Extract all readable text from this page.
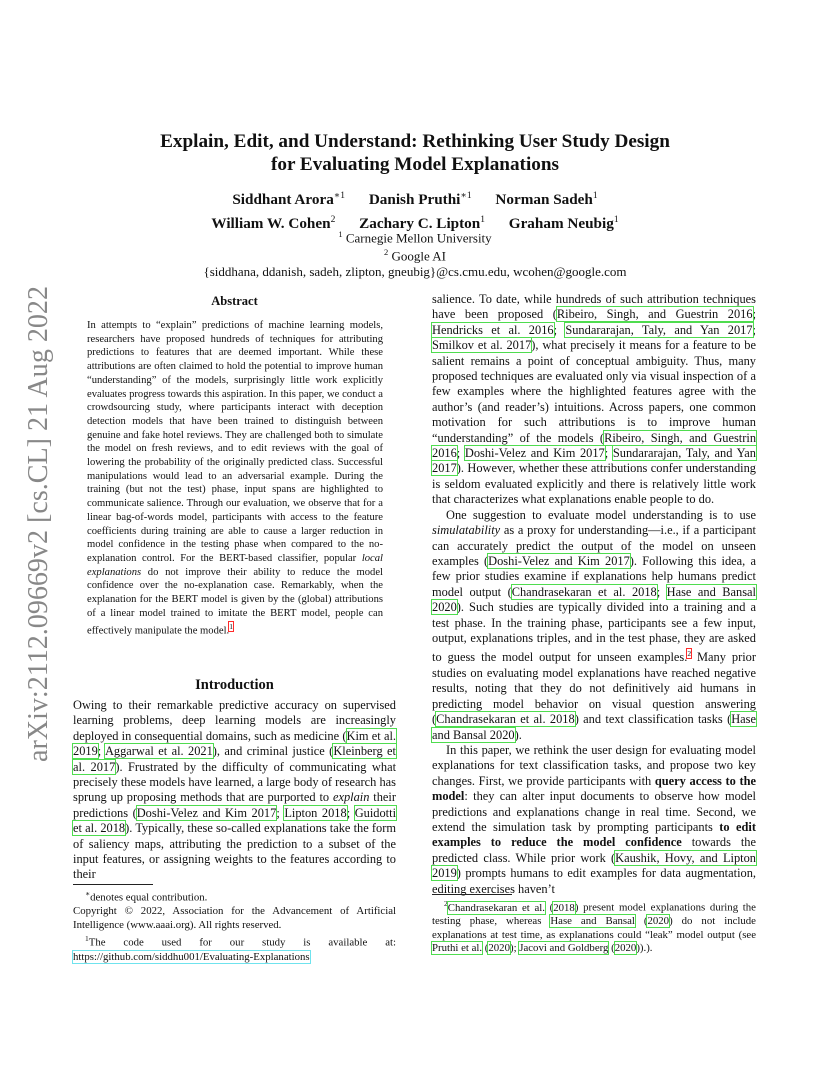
arXiv:2112.09669v2 [cs.CL] 21 Aug 2022
Explain, Edit, and Understand: Rethinking User Study Design
for Evaluating Model Explanations
Siddhant Arora$^{∗1}$ Danish Pruthi$^{∗1}$ Norman Sadeh$^1$
William W. Cohen$^2$ Zachary C. Lipton$^1$ Graham Neubig$^1$
$^1$ Carnegie Mellon University
$^2$ Google AI
{siddhana, ddanish, sadeh, zlipton, gneubig}@cs.cmu.edu, wcohen@google.com
Abstract
In attempts to “explain” predictions of machine learning models, researchers have proposed hundreds of techniques for attributing predictions to features that are deemed important. While these attributions are often claimed to hold the potential to improve human “understanding” of the models, surprisingly little work explicitly evaluates progress towards this aspiration. In this paper, we conduct a crowdsourcing study, where participants interact with deception detection models that have been trained to distinguish between genuine and fake hotel reviews. They are challenged both to simulate the model on fresh reviews, and to edit reviews with the goal of lowering the probability of the originally predicted class. Successful manipulations would lead to an adversarial example. During the training (but not the test) phase, input spans are highlighted to communicate salience. Through our evaluation, we observe that for a linear bag-of-words model, participants with access to the feature coefficients during training are able to cause a larger reduction in model confidence in the testing phase when compared to the no-explanation control. For the BERT-based classifier, popular local explanations do not improve their ability to reduce the model confidence over the no-explanation case. Remarkably, when the explanation for the BERT model is given by the (global) attributions of a linear model trained to imitate the BERT model, people can effectively manipulate the model.$^1$
Introduction

Owing to their remarkable predictive accuracy on supervised learning problems, deep learning models are increasingly deployed in consequential domains, such as medicine (Kim et al. 2019; Aggarwal et al. 2021), and criminal justice (Kleinberg et al. 2017). Frustrated by the difficulty of communicating what precisely these models have learned, a large body of research has sprung up proposing methods that are purported to explain their predictions (Doshi-Velez and Kim 2017; Lipton 2018; Guidotti et al. 2018). Typically, these so-called explanations take the form of saliency maps, attributing the prediction to a subset of the input features, or assigning weights to the features according to their

salience. To date, while hundreds of such attribution techniques have been proposed (Ribeiro, Singh, and Guestrin 2016; Hendricks et al. 2016; Sundararajan, Taly, and Yan 2017; Smilkov et al. 2017), what precisely it means for a feature to be salient remains a point of conceptual ambiguity. Thus, many proposed techniques are evaluated only via visual inspection of a few examples where the highlighted features agree with the author’s (and reader’s) intuitions. Across papers, one common motivation for such attributions is to improve human “understanding” of the models (Ribeiro, Singh, and Guestrin 2016; Doshi-Velez and Kim 2017; Sundararajan, Taly, and Yan 2017). However, whether these attributions confer understanding is seldom evaluated explicitly and there is relatively little work that characterizes what explanations enable people to do.

One suggestion to evaluate model understanding is to use simulatability as a proxy for understanding—i.e., if a participant can accurately predict the output of the model on unseen examples (Doshi-Velez and Kim 2017). Following this idea, a few prior studies examine if explanations help humans predict model output (Chandrasekaran et al. 2018; Hase and Bansal 2020). Such studies are typically divided into a training and a test phase. In the training phase, participants see a few input, output, explanations triples, and in the test phase, they are asked to guess the model output for unseen examples.$^2$ Many prior studies on evaluating model explanations have reached negative results, noting that they do not definitively aid humans in predicting model behavior on visual question answering (Chandrasekaran et al. 2018) and text classification tasks (Hase and Bansal 2020).

In this paper, we rethink the user design for evaluating model explanations for text classification tasks, and propose two key changes. First, we provide participants with query access to the model: they can alter input documents to observe how model predictions and explanations change in real time. Second, we extend the simulation task by prompting participants to edit examples to reduce the model confidence towards the predicted class. While prior work (Kaushik, Hovy, and Lipton 2019) prompts humans to edit examples for data augmentation, editing exercises haven’t

∗denotes equal contribution.

Copyright © 2022, Association for the Advancement of Artificial Intelligence (www.aaai.org). All rights reserved.

$^1$The code used for our study is available at: https://github.com/siddhu001/Evaluating-Explanations

$^2$Chandrasekaran et al. (2018) present model explanations during the testing phase, whereas Hase and Bansal (2020) do not include explanations at test time, as explanations could “leak” model output (see Pruthi et al. (2020); Jacovi and Goldberg (2020)).).
